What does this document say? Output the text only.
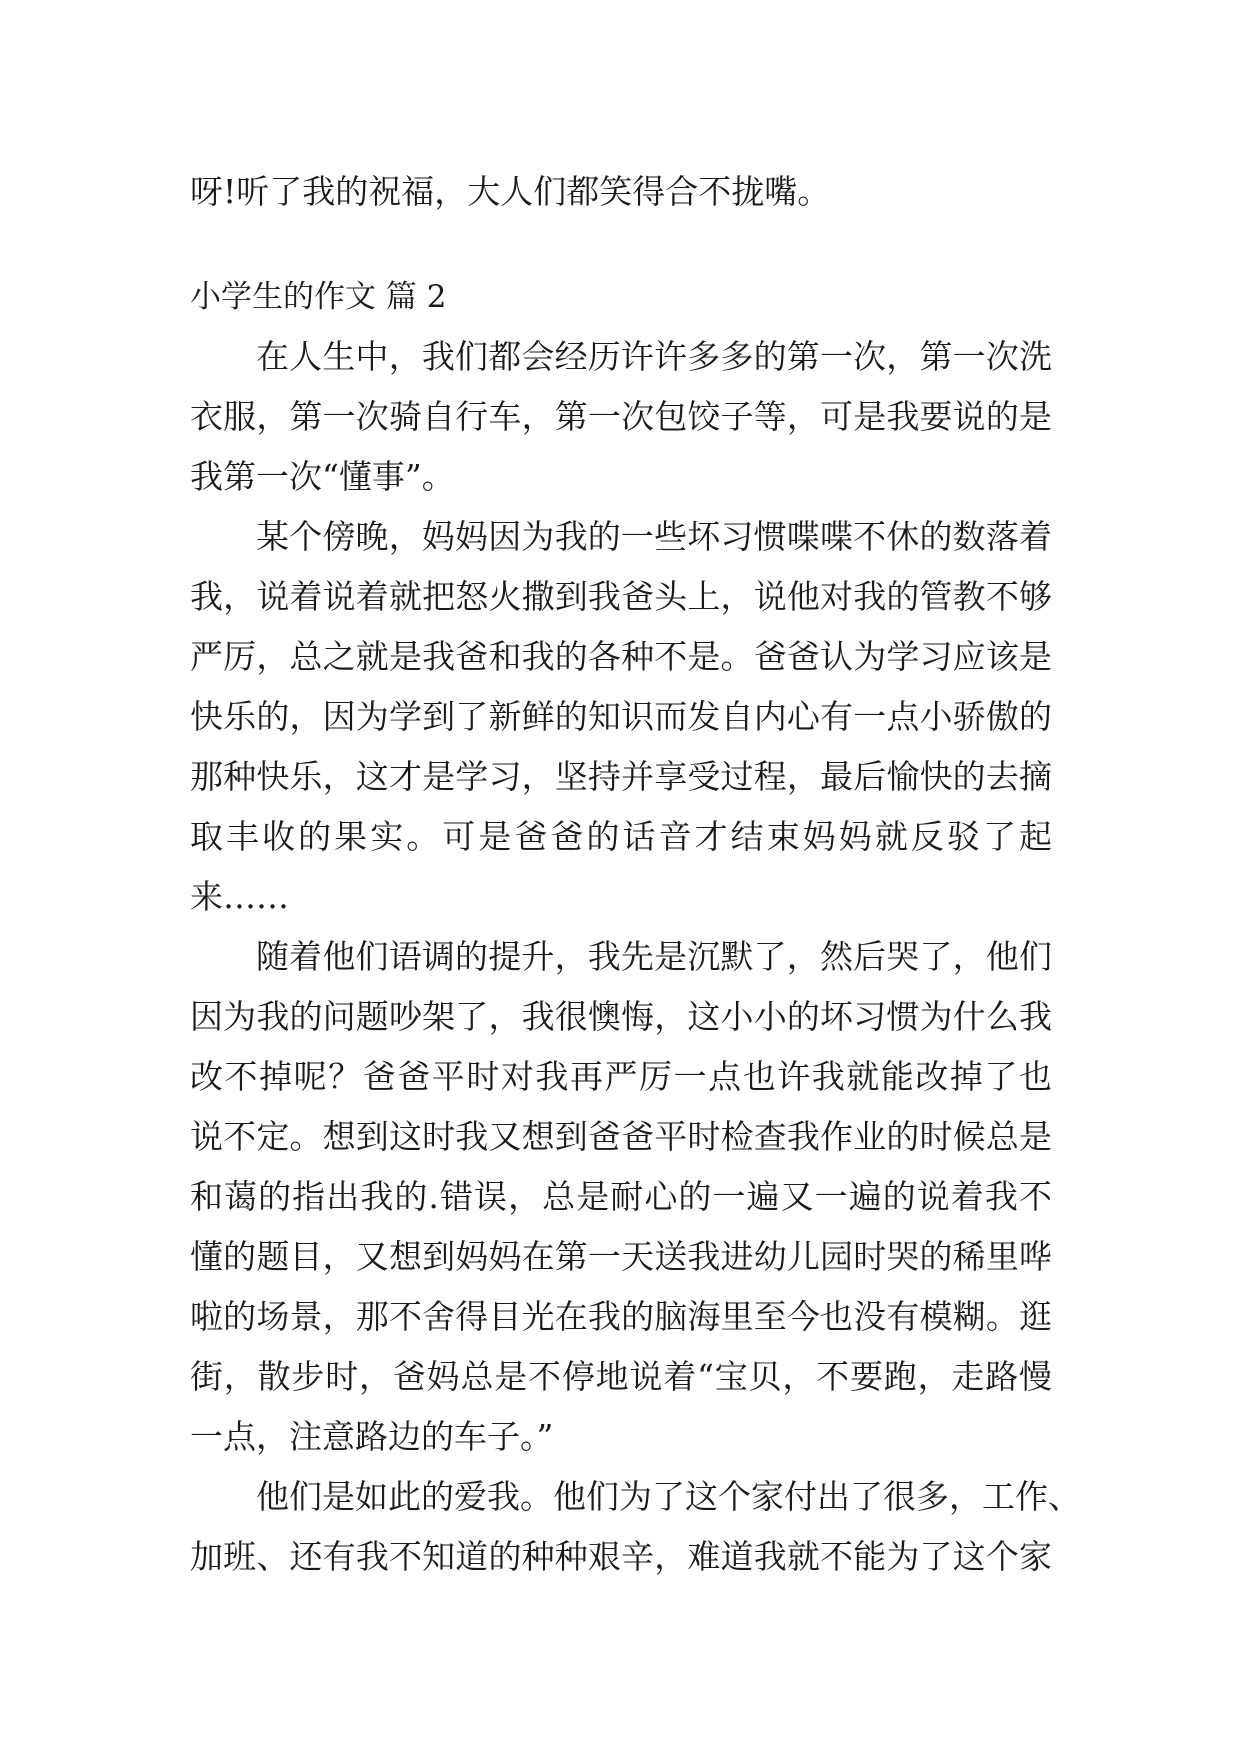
呀!听了我的祝福，大人们都笑得合不拢嘴。
小学生的作文 篇 2
在人生中，我们都会经历许许多多的第一次，第一次洗
衣服，第一次骑自行车，第一次包饺子等，可是我要说的是
我第一次“懂事”。
某个傍晚，妈妈因为我的一些坏习惯喋喋不休的数落着
我，说着说着就把怒火撒到我爸头上，说他对我的管教不够
严厉，总之就是我爸和我的各种不是。爸爸认为学习应该是
快乐的，因为学到了新鲜的知识而发自内心有一点小骄傲的
那种快乐，这才是学习，坚持并享受过程，最后愉快的去摘
取丰收的果实。可是爸爸的话音才结束妈妈就反驳了起
来……
随着他们语调的提升，我先是沉默了，然后哭了，他们
因为我的问题吵架了，我很懊悔，这小小的坏习惯为什么我
改不掉呢？爸爸平时对我再严厉一点也许我就能改掉了也
说不定。想到这时我又想到爸爸平时检查我作业的时候总是
和蔼的指出我的.错误，总是耐心的一遍又一遍的说着我不
懂的题目，又想到妈妈在第一天送我进幼儿园时哭的稀里哗
啦的场景，那不舍得目光在我的脑海里至今也没有模糊。逛
街，散步时，爸妈总是不停地说着“宝贝，不要跑，走路慢
一点，注意路边的车子。”
他们是如此的爱我。他们为了这个家付出了很多，工作、
加班、还有我不知道的种种艰辛，难道我就不能为了这个家
